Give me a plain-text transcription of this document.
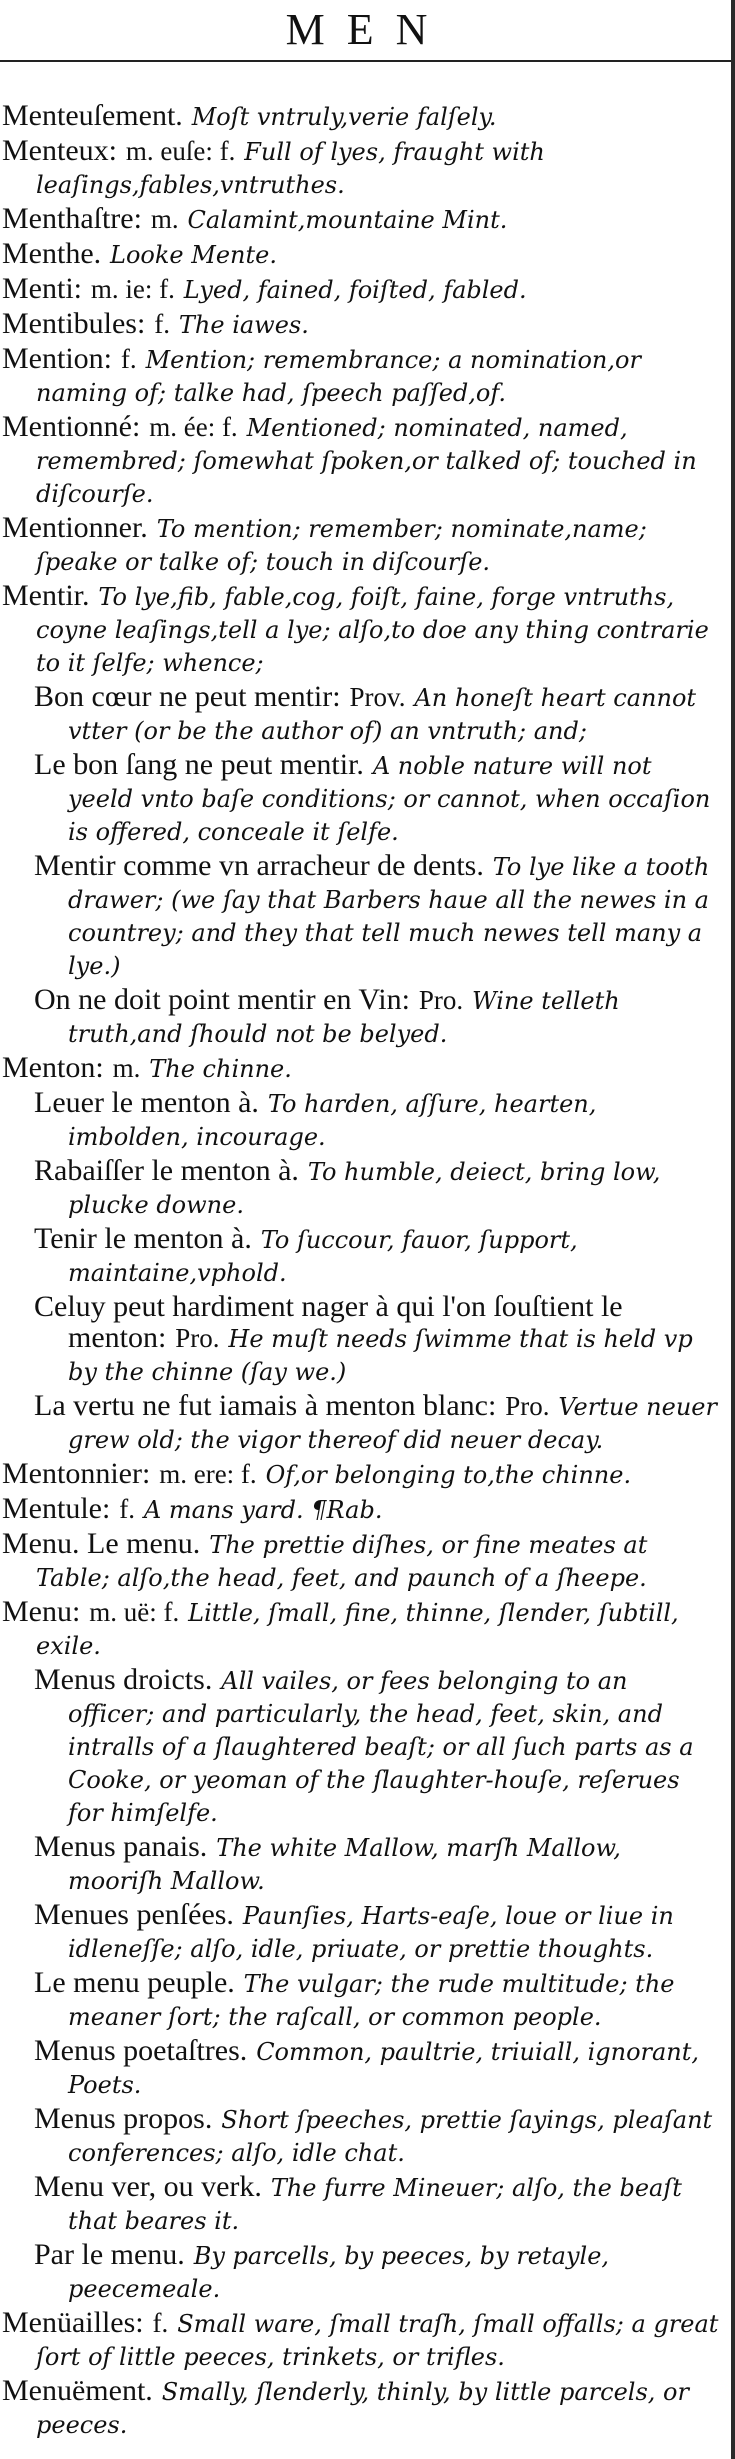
MEN

Menteuſement. Moſt vntruly,verie falſely.

Menteux: m. euſe: f. Full of lyes, fraught with leaſings,fables,vntruthes.

Menthaſtre: m. Calamint,mountaine Mint.

Menthe. Looke Mente.

Menti: m. ie: f. Lyed, fained, foiſted, fabled.

Mentibules: f. The iawes.

Mention: f. Mention; remembrance; a nomination,or naming of; talke had, ſpeech paſſed,of.

Mentionné: m. ée: f. Mentioned; nominated, named, remembred; ſomewhat ſpoken,or talked of; touched in diſcourſe.

Mentionner. To mention; remember; nominate,name; ſpeake or talke of; touch in diſcourſe.

Mentir. To lye,fib, fable,cog, foiſt, faine, forge vntruths, coyne leaſings,tell a lye; alſo,to doe any thing contrarie to it ſelfe; whence;

Bon cœur ne peut mentir: Prov. An honeſt heart cannot vtter (or be the author of) an vntruth; and;

Le bon ſang ne peut mentir. A noble nature will not yeeld vnto baſe conditions; or cannot, when occaſion is offered, conceale it ſelfe.

Mentir comme vn arracheur de dents. To lye like a tooth drawer; (we ſay that Barbers haue all the newes in a countrey; and they that tell much newes tell many a lye.)

On ne doit point mentir en Vin: Pro. Wine telleth truth,and ſhould not be belyed.

Menton: m. The chinne.

Leuer le menton à. To harden, aſſure, hearten, imbolden, incourage.

Rabaiſſer le menton à. To humble, deiect, bring low, plucke downe.

Tenir le menton à. To ſuccour, fauor, ſupport, maintaine,vphold.

Celuy peut hardiment nager à qui l'on ſouſtient le menton: Pro. He muſt needs ſwimme that is held vp by the chinne (ſay we.)

La vertu ne fut iamais à menton blanc: Pro. Vertue neuer grew old; the vigor thereof did neuer decay.

Mentonnier: m. ere: f. Of,or belonging to,the chinne.

Mentule: f. A mans yard. ¶Rab.

Menu. Le menu. The prettie diſhes, or fine meates at Table; alſo,the head, feet, and paunch of a ſheepe.

Menu: m. uë: f. Little, ſmall, fine, thinne, ſlender, ſubtill, exile.

Menus droicts. All vailes, or fees belonging to an officer; and particularly, the head, feet, skin, and intralls of a ſlaughtered beaſt; or all ſuch parts as a Cooke, or yeoman of the ſlaughter-houſe, reſerues for himſelfe.

Menus panais. The white Mallow, marſh Mallow, mooriſh Mallow.

Menues penſées. Paunſies, Harts-eaſe, loue or liue in idleneſſe; alſo, idle, priuate, or prettie thoughts.

Le menu peuple. The vulgar; the rude multitude; the meaner ſort; the raſcall, or common people.

Menus poetaſtres. Common, paultrie, triuiall, ignorant, Poets.

Menus propos. Short ſpeeches, prettie ſayings, pleaſant conferences; alſo, idle chat.

Menu ver, ou verk. The furre Mineuer; alſo, the beaſt that beares it.

Par le menu. By parcells, by peeces, by retayle, peecemeale.

Menüailles: f. Small ware, ſmall traſh, ſmall offalls; a great ſort of little peeces, trinkets, or trifles.

Menuëment. Smally, ſlenderly, thinly, by little parcels, or peeces.
